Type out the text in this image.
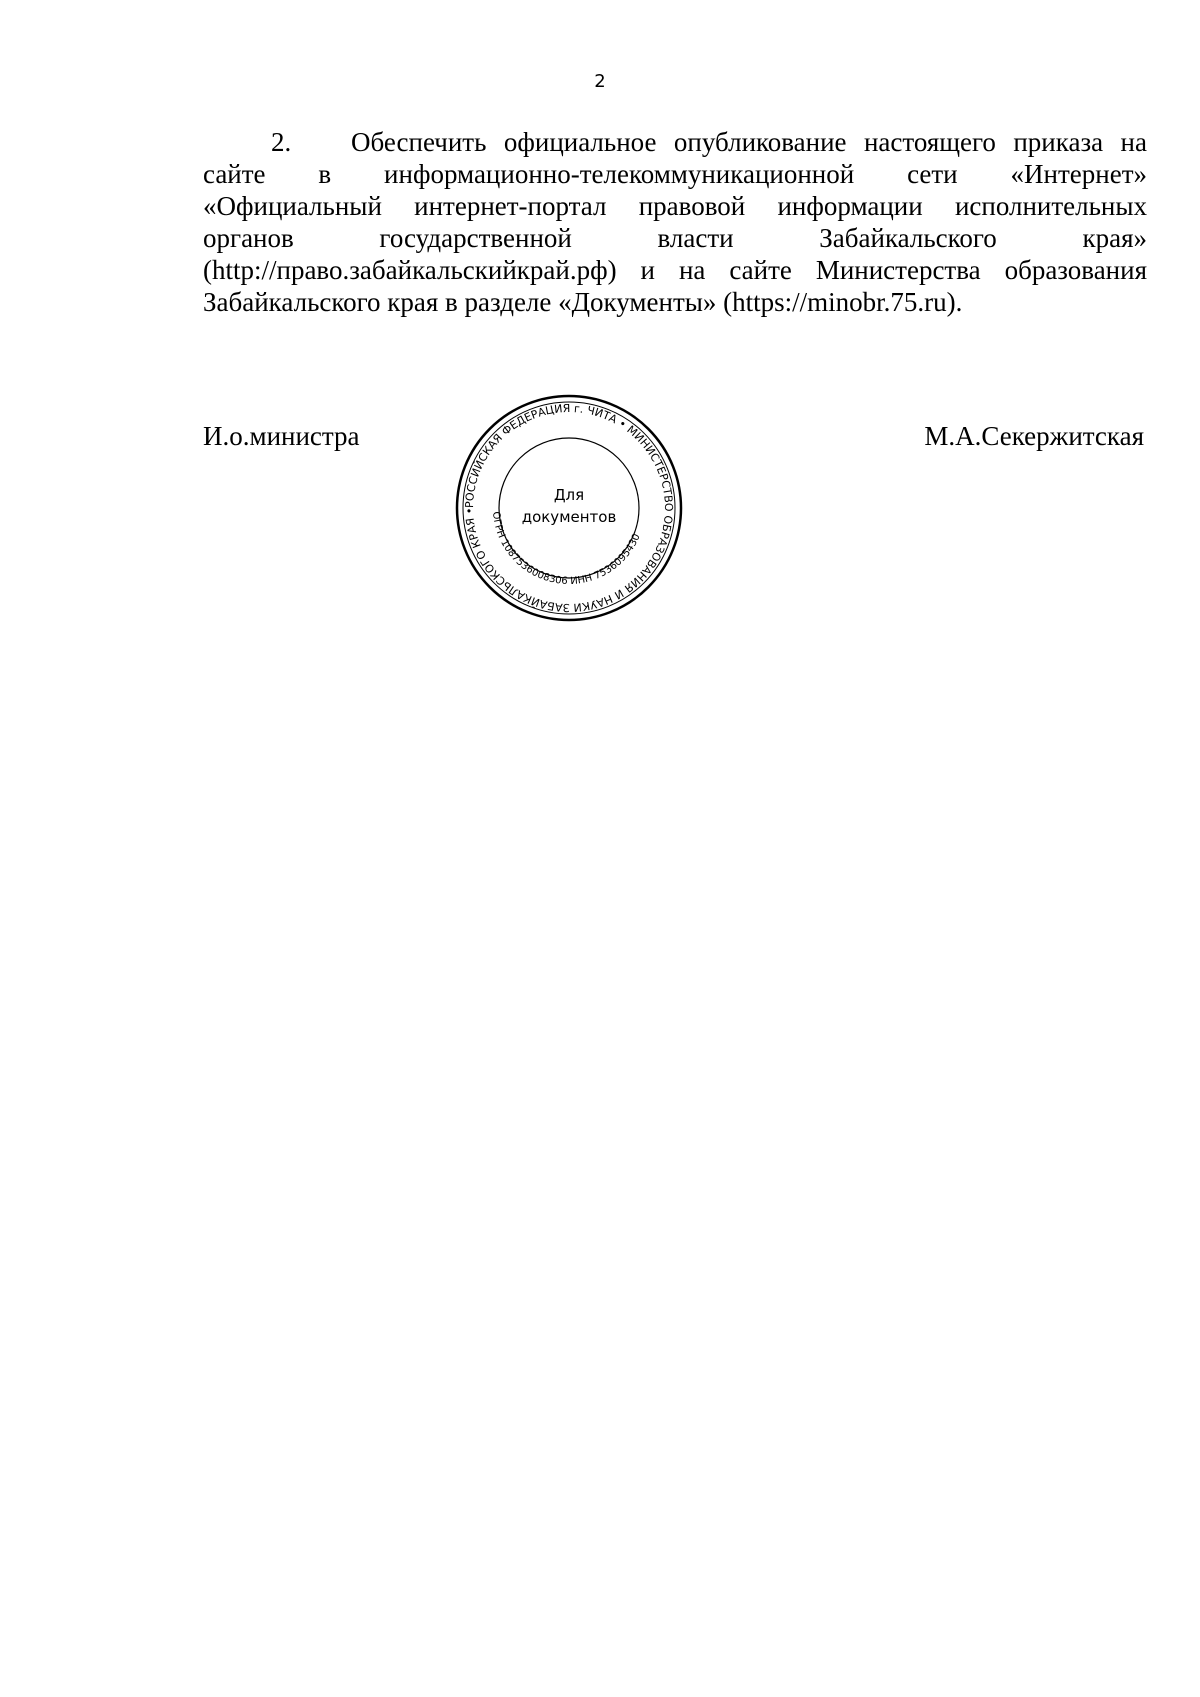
2
2. Обеспечить официальное опубликование настоящего приказа на
сайте в информационно-телекоммуникационной сети «Интернет»
«Официальный интернет-портал правовой информации исполнительных
органов государственной власти Забайкальского края»
(http://право.забайкальскийкрай.рф) и на сайте Министерства образования
Забайкальского края в разделе «Документы» (https://minobr.75.ru).
И.о.министра
РОССИЙСКАЯ ФЕДЕРАЦИЯ г. ЧИТА • МИНИСТЕРСТВО ОБРАЗОВАНИЯ И НАУКИ ЗАБАЙКАЛЬСКОГО КРАЯ •
ОГРН 1087536008306 ИНН 7536095430
Для
документов
М.А.Секержитская
